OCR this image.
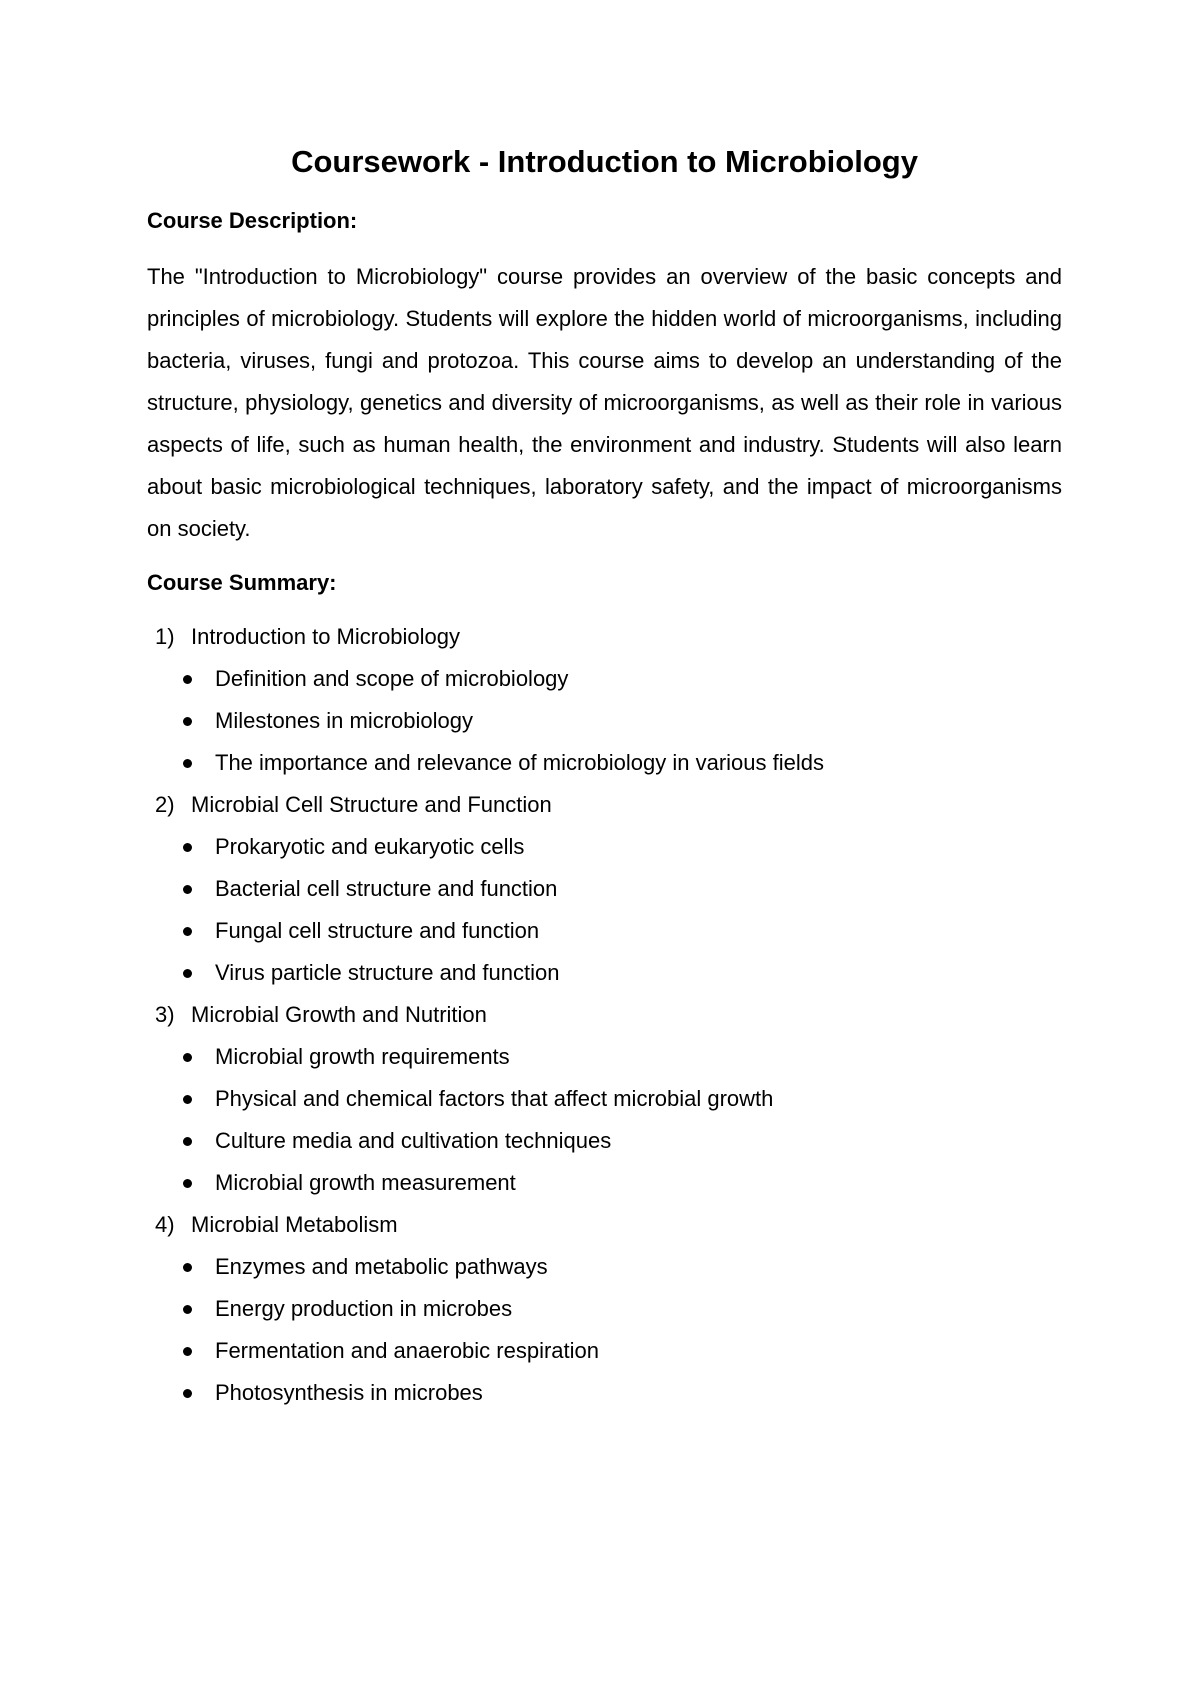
Coursework - Introduction to Microbiology
Course Description:

The "Introduction to Microbiology" course provides an overview of the basic concepts and principles of microbiology. Students will explore the hidden world of microorganisms, including bacteria, viruses, fungi and protozoa. This course aims to develop an understanding of the structure, physiology, genetics and diversity of microorganisms, as well as their role in various aspects of life, such as human health, the environment and industry. Students will also learn about basic microbiological techniques, laboratory safety, and the impact of microorganisms on society.

Course Summary:
1) Introduction to Microbiology
Definition and scope of microbiology
Milestones in microbiology
The importance and relevance of microbiology in various fields
2) Microbial Cell Structure and Function
Prokaryotic and eukaryotic cells
Bacterial cell structure and function
Fungal cell structure and function
Virus particle structure and function
3) Microbial Growth and Nutrition
Microbial growth requirements
Physical and chemical factors that affect microbial growth
Culture media and cultivation techniques
Microbial growth measurement
4) Microbial Metabolism
Enzymes and metabolic pathways
Energy production in microbes
Fermentation and anaerobic respiration
Photosynthesis in microbes
